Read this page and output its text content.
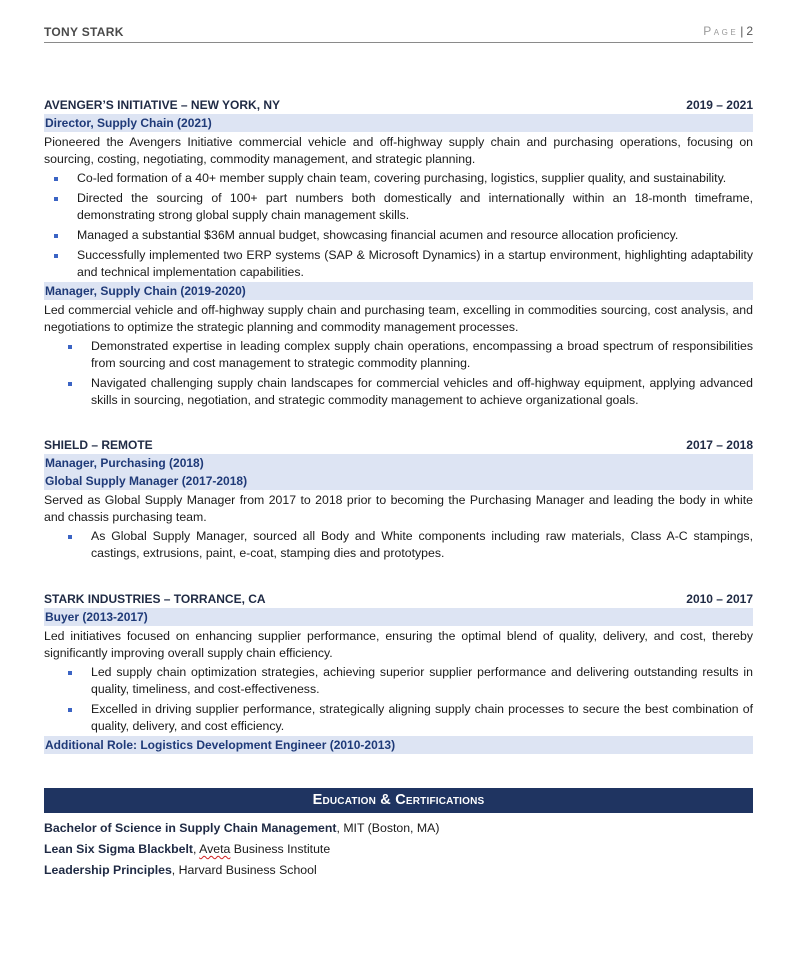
TONY STARK	Page | 2
AVENGER’S INITIATIVE – NEW YORK, NY	2019 – 2021
Director, Supply Chain (2021)
Pioneered the Avengers Initiative commercial vehicle and off-highway supply chain and purchasing operations, focusing on sourcing, costing, negotiating, commodity management, and strategic planning.
Co-led formation of a 40+ member supply chain team, covering purchasing, logistics, supplier quality, and sustainability.
Directed the sourcing of 100+ part numbers both domestically and internationally within an 18-month timeframe, demonstrating strong global supply chain management skills.
Managed a substantial $36M annual budget, showcasing financial acumen and resource allocation proficiency.
Successfully implemented two ERP systems (SAP & Microsoft Dynamics) in a startup environment, highlighting adaptability and technical implementation capabilities.
Manager, Supply Chain (2019-2020)
Led commercial vehicle and off-highway supply chain and purchasing team, excelling in commodities sourcing, cost analysis, and negotiations to optimize the strategic planning and commodity management processes.
Demonstrated expertise in leading complex supply chain operations, encompassing a broad spectrum of responsibilities from sourcing and cost management to strategic commodity planning.
Navigated challenging supply chain landscapes for commercial vehicles and off-highway equipment, applying advanced skills in sourcing, negotiation, and strategic commodity management to achieve organizational goals.
SHIELD – REMOTE	2017 – 2018
Manager, Purchasing (2018)
Global Supply Manager (2017-2018)
Served as Global Supply Manager from 2017 to 2018 prior to becoming the Purchasing Manager and leading the body in white and chassis purchasing team.
As Global Supply Manager, sourced all Body and White components including raw materials, Class A-C stampings, castings, extrusions, paint, e-coat, stamping dies and prototypes.
STARK INDUSTRIES – TORRANCE, CA	2010 – 2017
Buyer (2013-2017)
Led initiatives focused on enhancing supplier performance, ensuring the optimal blend of quality, delivery, and cost, thereby significantly improving overall supply chain efficiency.
Led supply chain optimization strategies, achieving superior supplier performance and delivering outstanding results in quality, timeliness, and cost-effectiveness.
Excelled in driving supplier performance, strategically aligning supply chain processes to secure the best combination of quality, delivery, and cost efficiency.
Additional Role: Logistics Development Engineer (2010-2013)
Education & Certifications
Bachelor of Science in Supply Chain Management, MIT (Boston, MA)
Lean Six Sigma Blackbelt, Aveta Business Institute
Leadership Principles, Harvard Business School
